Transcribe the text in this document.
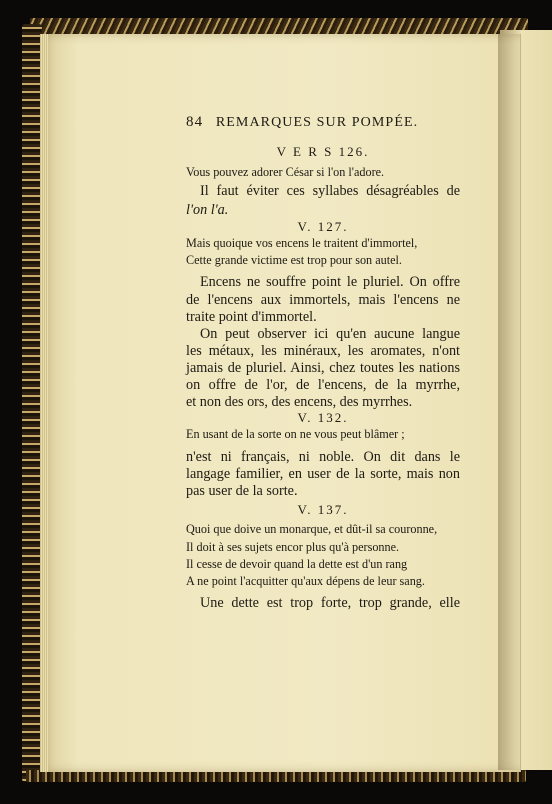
84 REMARQUES SUR POMPÉE.
V E R S 126.
Vous pouvez adorer César si l'on l'adore.
Il faut éviter ces syllabes désagréables de
l'on l'a.
V. 127.
Mais quoique vos encens le traitent d'immortel,
Cette grande victime est trop pour son autel.
Encens ne souffre point le pluriel. On offre
de l'encens aux immortels, mais l'encens ne
traite point d'immortel.
On peut observer ici qu'en aucune langue
les métaux, les minéraux, les aromates, n'ont
jamais de pluriel. Ainsi, chez toutes les nations
on offre de l'or, de l'encens, de la myrrhe,
et non des ors, des encens, des myrrhes.
V. 132.
En usant de la sorte on ne vous peut blâmer ;
n'est ni français, ni noble. On dit dans le
langage familier, en user de la sorte, mais non
pas user de la sorte.
V. 137.
Quoi que doive un monarque, et dût-il sa couronne,
Il doit à ses sujets encor plus qu'à personne.
Il cesse de devoir quand la dette est d'un rang
A ne point l'acquitter qu'aux dépens de leur sang.
Une dette est trop forte, trop grande, elle
